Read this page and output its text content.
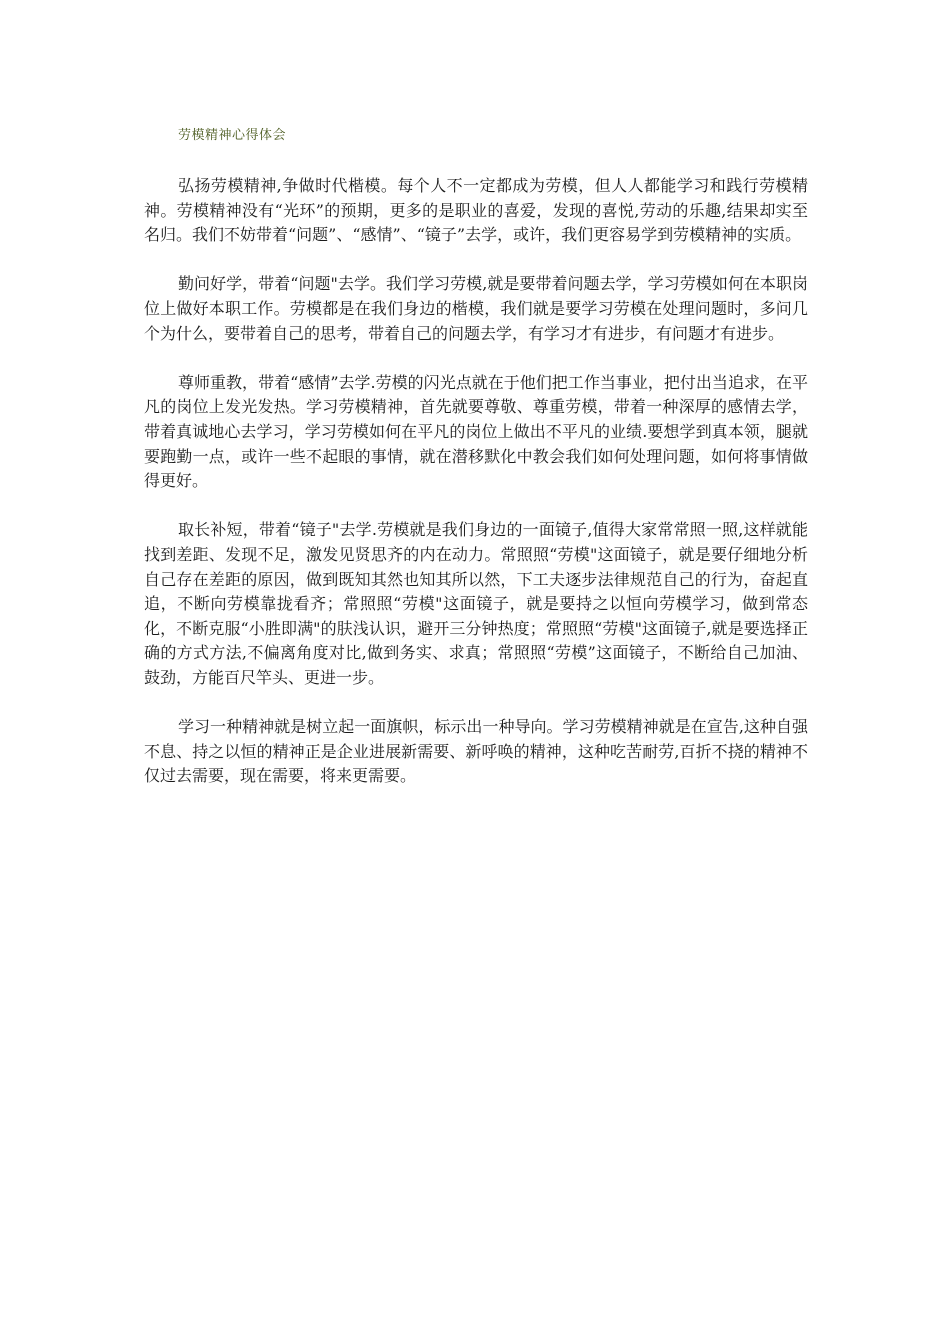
劳模精神心得体会

弘扬劳模精神,争做时代楷模。每个人不一定都成为劳模，但人人都能学习和践行劳模精神。劳模精神没有“光环”的预期，更多的是职业的喜爱，发现的喜悦,劳动的乐趣,结果却实至名归。我们不妨带着“问题”、“感情”、“镜子”去学，或许，我们更容易学到劳模精神的实质。

勤问好学，带着“问题"去学。我们学习劳模,就是要带着问题去学，学习劳模如何在本职岗位上做好本职工作。劳模都是在我们身边的楷模，我们就是要学习劳模在处理问题时，多问几个为什么，要带着自己的思考，带着自己的问题去学，有学习才有进步，有问题才有进步。

尊师重教，带着“感情”去学.劳模的闪光点就在于他们把工作当事业，把付出当追求，在平凡的岗位上发光发热。学习劳模精神，首先就要尊敬、尊重劳模，带着一种深厚的感情去学，带着真诚地心去学习，学习劳模如何在平凡的岗位上做出不平凡的业绩.要想学到真本领，腿就要跑勤一点，或许一些不起眼的事情，就在潜移默化中教会我们如何处理问题，如何将事情做得更好。

取长补短，带着“镜子"去学.劳模就是我们身边的一面镜子,值得大家常常照一照,这样就能找到差距、发现不足，激发见贤思齐的内在动力。常照照“劳模"这面镜子，就是要仔细地分析自己存在差距的原因，做到既知其然也知其所以然，下工夫逐步法律规范自己的行为，奋起直追，不断向劳模靠拢看齐；常照照“劳模"这面镜子，就是要持之以恒向劳模学习，做到常态化，不断克服“小胜即满"的肤浅认识，避开三分钟热度；常照照“劳模"这面镜子,就是要选择正确的方式方法,不偏离角度对比,做到务实、求真；常照照“劳模”这面镜子，不断给自己加油、鼓劲，方能百尺竿头、更进一步。

学习一种精神就是树立起一面旗帜，标示出一种导向。学习劳模精神就是在宣告,这种自强不息、持之以恒的精神正是企业进展新需要、新呼唤的精神，这种吃苦耐劳,百折不挠的精神不仅过去需要，现在需要，将来更需要。
